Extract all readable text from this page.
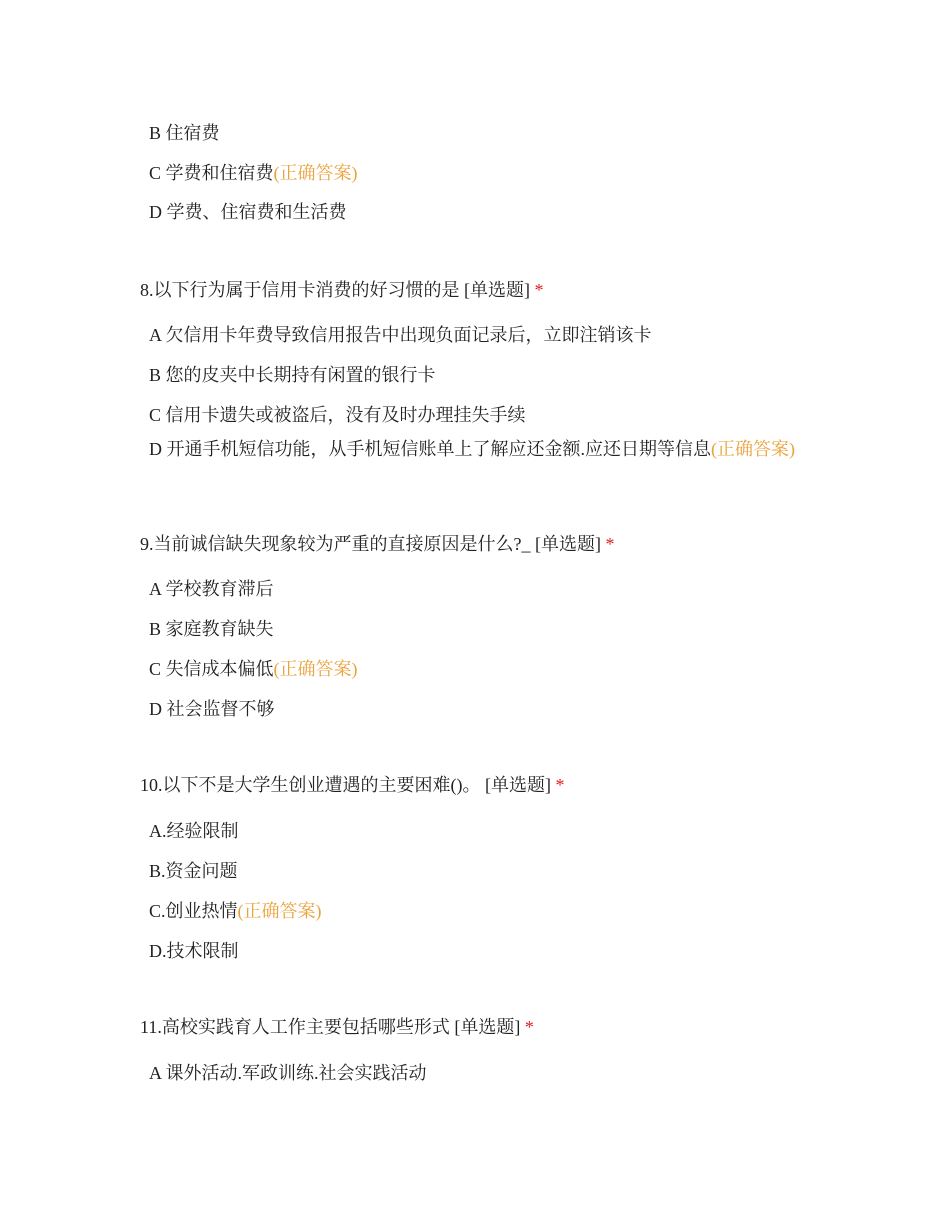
B 住宿费
C 学费和住宿费(正确答案)
D 学费、住宿费和生活费
8.以下行为属于信用卡消费的好习惯的是 [单选题] *
A 欠信用卡年费导致信用报告中出现负面记录后，立即注销该卡
B 您的皮夹中长期持有闲置的银行卡
C 信用卡遗失或被盗后，没有及时办理挂失手续
D 开通手机短信功能，从手机短信账单上了解应还金额.应还日期等信息(正确答案)
9.当前诚信缺失现象较为严重的直接原因是什么?_ [单选题] *
A 学校教育滞后
B 家庭教育缺失
C 失信成本偏低(正确答案)
D 社会监督不够
10.以下不是大学生创业遭遇的主要困难()。 [单选题] *
A.经验限制
B.资金问题
C.创业热情(正确答案)
D.技术限制
11.高校实践育人工作主要包括哪些形式 [单选题] *
A 课外活动.军政训练.社会实践活动
